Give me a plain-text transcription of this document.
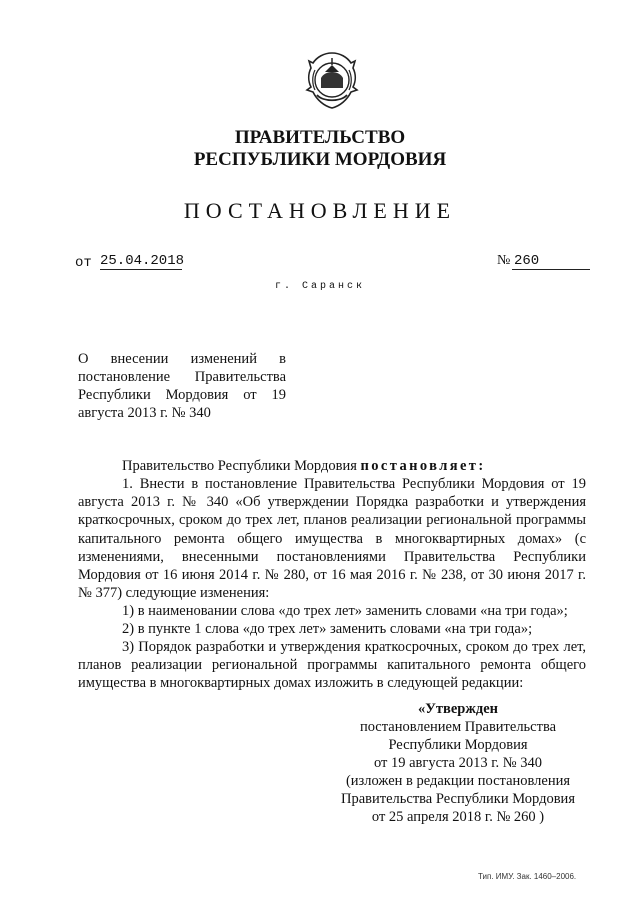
ПРАВИТЕЛЬСТВО
РЕСПУБЛИКИ МОРДОВИЯ
ПОСТАНОВЛЕНИЕ
от 25.04.2018	№ 260
г. Саранск
О внесении изменений в постановление Правительства Республики Мордовия от 19 августа 2013 г. № 340
Правительство Республики Мордовия постановляет:
1. Внести в постановление Правительства Республики Мордовия от 19 августа 2013 г. № 340 «Об утверждении Порядка разработки и утверждения краткосрочных, сроком до трех лет, планов реализации региональной программы капитального ремонта общего имущества в многоквартирных домах» (с изменениями, внесенными постановлениями Правительства Республики Мордовия от 16 июня 2014 г. № 280, от 16 мая 2016 г. № 238, от 30 июня 2017 г. № 377) следующие изменения:
1) в наименовании слова «до трех лет» заменить словами «на три года»;
2) в пункте 1 слова «до трех лет» заменить словами «на три года»;
3) Порядок разработки и утверждения краткосрочных, сроком до трех лет, планов реализации региональной программы капитального ремонта общего имущества в многоквартирных домах изложить в следующей редакции:
«Утвержден
постановлением Правительства
Республики Мордовия
от 19 августа 2013 г. № 340
(изложен в редакции постановления
Правительства Республики Мордовия
от 25 апреля 2018 г. № 260 )
Тип. ИМУ. Зак. 1460–2006.
